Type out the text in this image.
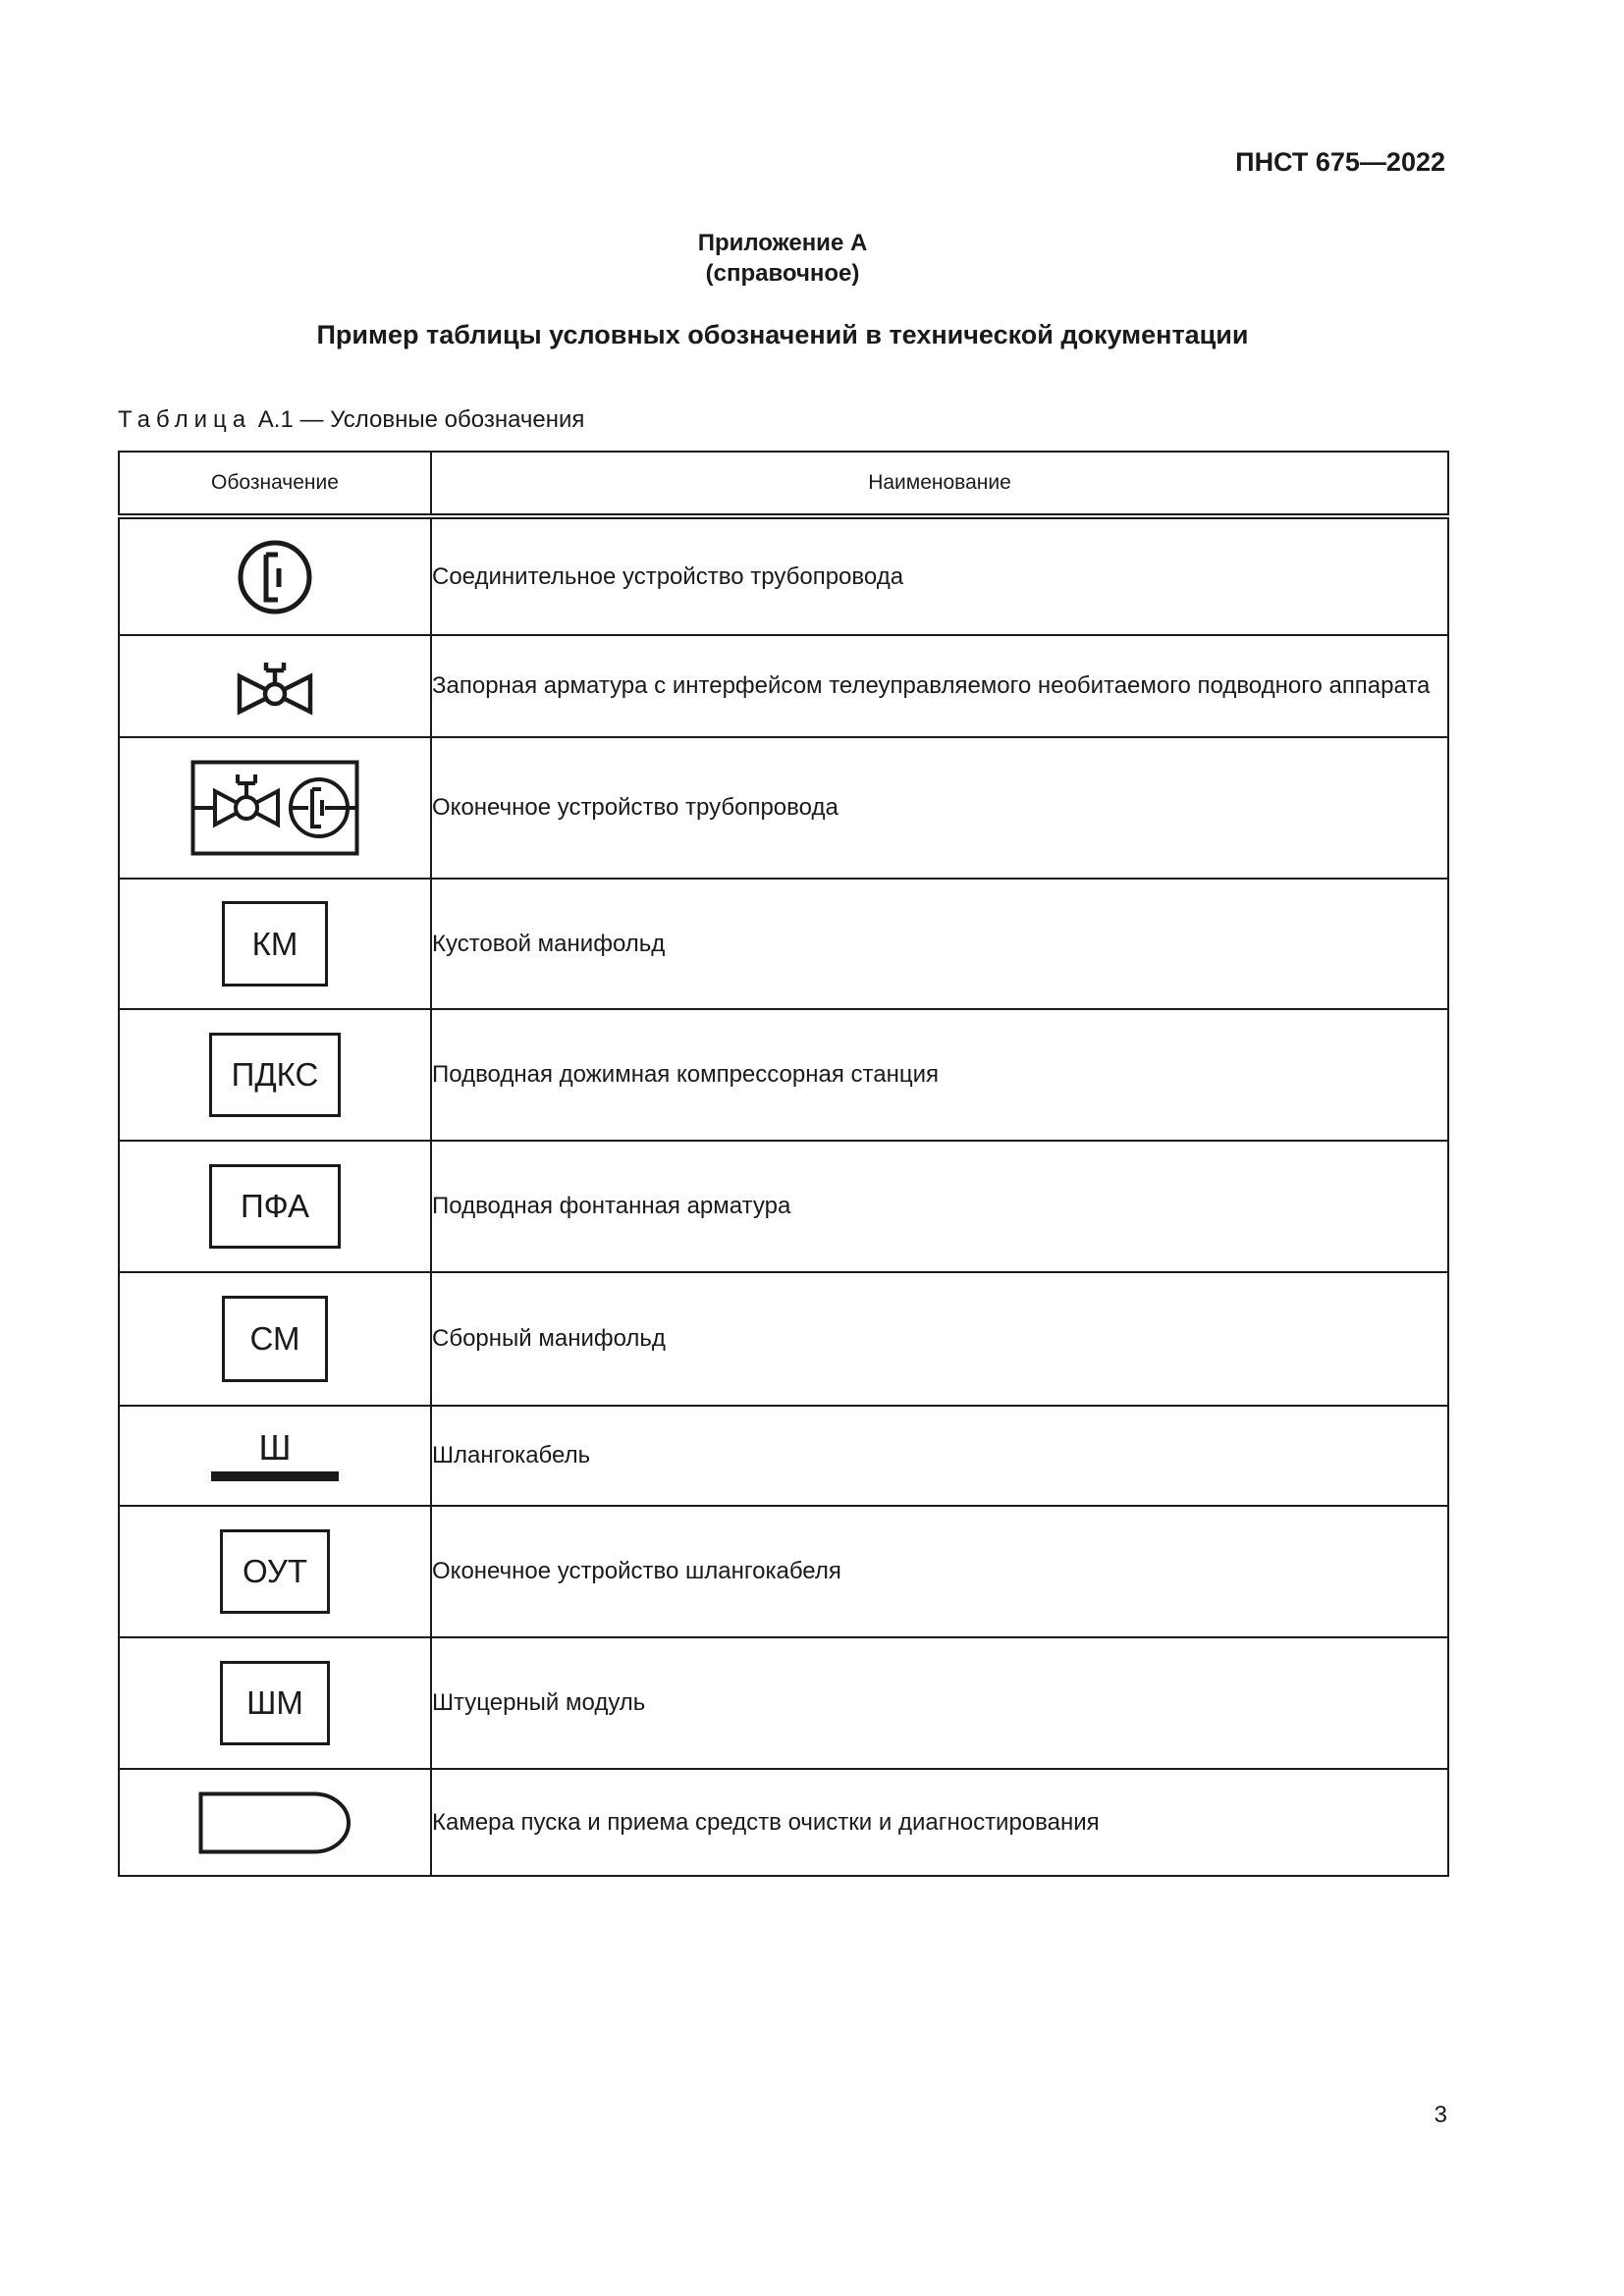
ПНСТ 675—2022
Приложение А
(справочное)
Пример таблицы условных обозначений в технической документации
Таблица А.1 — Условные обозначения
Обозначение	Наименование

	Соединительное устройство трубопровода

	Запорная арматура с интерфейсом телеуправляемого необитаемого подводного аппарата

	Оконечное устройство трубопровода
КМ	Кустовой манифольд
ПДКС	Подводная дожимная компрессорная станция
ПФА	Подводная фонтанная арматура
СМ	Сборный манифольд

Ш	Шлангокабель
ОУТ	Оконечное устройство шлангокабеля
ШМ	Штуцерный модуль

	Камера пуска и приема средств очистки и диагностирования
3
